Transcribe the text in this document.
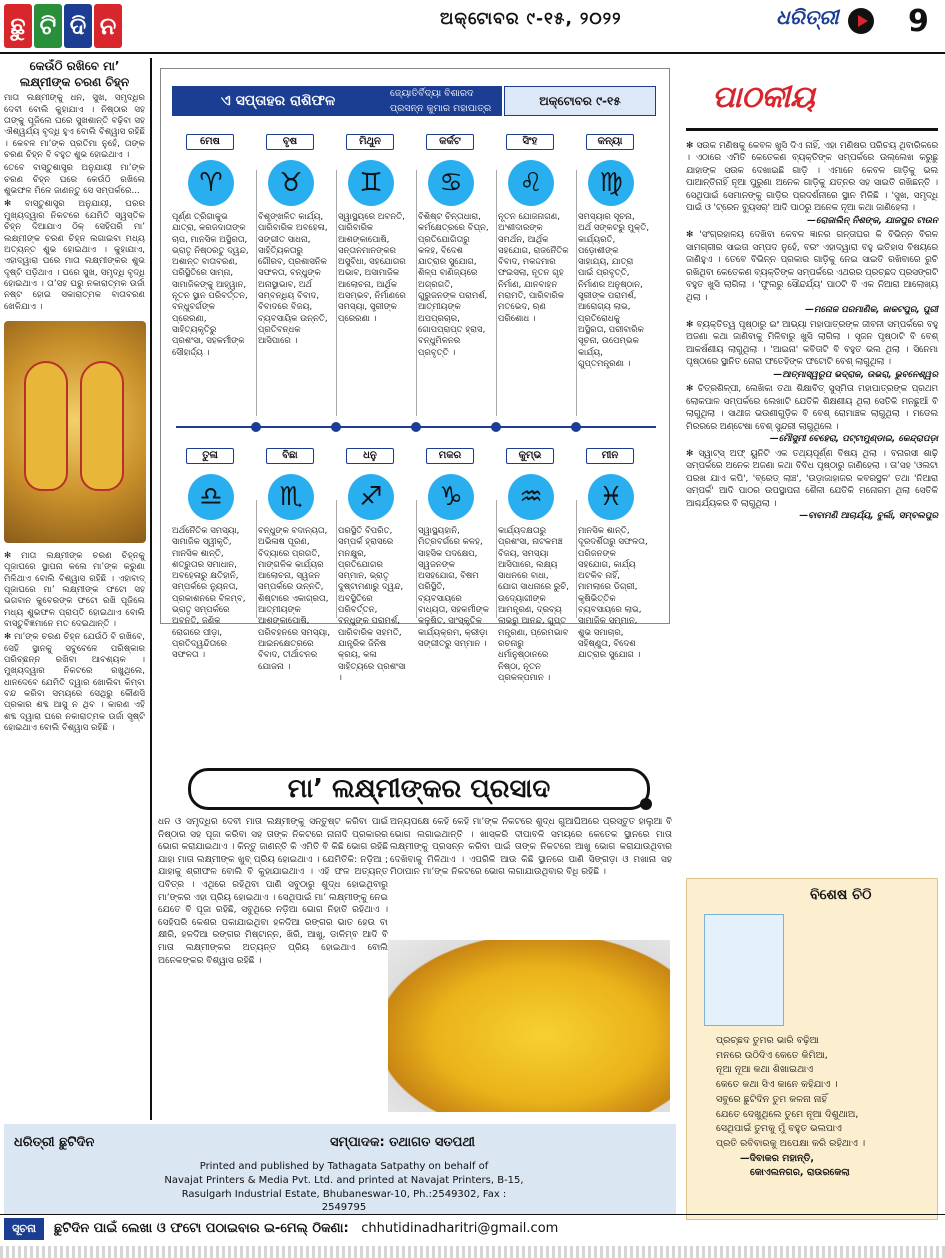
ଛୁ ଟି ଦି ନ	ଅକ୍ଟୋବର ୯-୧୫, ୨୦୨୨	ଧରିତ୍ରୀ 9
କେଉଁଠି ରଖିବେ ମା’ ଲକ୍ଷ୍ମୀଙ୍କ ଚରଣ ଚିହ୍ନ

ମାତା ଲକ୍ଷ୍ମୀଙ୍କୁ ଧନ, ସୁଖ, ସମୃଦ୍ଧିର ଦେବୀ ବୋଲି କୁହାଯାଏ । ନିଷ୍ଠାର ସହ ତାଙ୍କୁ ପୂଜିଲେ ଘରେ ସୁଖଶାନ୍ତି ବଢ଼ିବା ସହ ଐଶ୍ୱର୍ଯ୍ୟ ବୃଦ୍ଧି ହୁଏ ବୋଲି ବିଶ୍ୱାସ ରହିଛି । କେବଳ ମା’ଙ୍କ ପ୍ରତିମା ନୁହେଁ, ତାଙ୍କ ଚରଣ ଚିହ୍ନ ବି ବହୁତ ଶୁଭ ହୋଇଥାଏ ।

ତେବେ ବାସ୍ତୁଶାସ୍ତ୍ର ଅନୁଯାୟୀ ମା’ଙ୍କ ଚରଣ ଚିହ୍ନ ଘରେ କେଉଁଠି ରଖିଲେ ଶୁଭଫଳ ମିଳେ ଜାଣନ୍ତୁ ସେ ସମ୍ପର୍କରେ...

✻ ବାସ୍ତୁଶାସ୍ତ୍ର ଅନୁଯାୟୀ, ଘରର ମୁଖ୍ୟଦ୍ୱାର ନିକଟରେ ଯେମିତି ସ୍ୱସ୍ତିକ ଚିହ୍ନ ଦିଆଯାଏ ଠିକ୍ ସେହିପରି ମା’ ଲକ୍ଷ୍ମୀଙ୍କ ଚରଣ ଚିହ୍ନ ଲଗାଇବା ମଧ୍ୟ ଅତ୍ୟନ୍ତ ଶୁଭ ହୋଇଥାଏ । କୁହାଯାଏ, ଏହାଦ୍ୱାରା ଘରେ ମାତା ଲକ୍ଷ୍ମୀଙ୍କର ଶୁଭ ଦୃଷ୍ଟି ପଡ଼ିଥାଏ । ଘରେ ସୁଖ, ସମୃଦ୍ଧି ବୃଦ୍ଧି ହୋଇଥାଏ । ତା’ସହ ଘରୁ ନକାରାତ୍ମକ ଉର୍ଜା ନଷ୍ଟ ହୋଇ ସକାରାତ୍ମକ ବାତାବରଣ ଖେଳିଯାଏ ।

✻ ମାତା ଲକ୍ଷ୍ମୀଙ୍କ ଚରଣ ଚିହ୍ନକୁ ପୂଜାଘରେ ସ୍ଥାପନା କଲେ ମା’ଙ୍କ କରୁଣା ମିଳିଥାଏ ବୋଲି ବିଶ୍ୱାସ ରହିଛି । ଏହାବାଦ୍ ପୂଜାଘରେ ମା’ ଲକ୍ଷ୍ମୀଙ୍କ ଫଟୋ ସହ ଭଗବାନ କୁବେରଙ୍କ ଫଟୋ ରଖି ପୂଜିଲେ ମଧ୍ୟ ଶୁଭଫଳ ପ୍ରାପ୍ତି ହୋଇଥାଏ ବୋଲି ବାସ୍ତୁବିଜ୍ଞମାନେ ମତ ଦେଇଥାନ୍ତି ।

✻ ମା’ଙ୍କ ଚରଣ ଚିହ୍ନ ଯେଉଁଠି ବି ରଖିବେ, ସେହି ସ୍ଥାନକୁ ସବୁବେଳେ ପରିଷ୍କାର ପରିଚ୍ଛନ୍ନ ରଖିବା ଆବଶ୍ୟକ । ମୁଖ୍ୟଦ୍ୱାର ନିକଟରେ ରଖୁଥିଲେ, ଧାନଦେବେ ଯେମିତି ଦ୍ୱାର ଖୋଲିବା କିମ୍ବା ବନ୍ଦ କରିବା ସମୟରେ ସେଥିରୁ କୌଣସି ପ୍ରକାର ଶବ୍ଦ ଆସୁ ନ ଥିବ । କାରଣ ଏହି ଶବ୍ଦ ଦ୍ୱାରା ଘରେ ନକାରାତ୍ମକ ଉର୍ଜା ସୃଷ୍ଟି ହୋଇଥାଏ ବୋଲି ବିଶ୍ୱାସ ରହିଛି ।

ଏ ସପ୍ତାହର ରାଶିଫଳ	ଜ୍ୟୋତିର୍ବିଦ୍ୟା ବିଶାରଦ
ପ୍ରସନ୍ନ କୁମାର ମହାପାତ୍ର
ଅକ୍ଟୋବର ୯-୧୫
ମେଷ
♈
ପୂର୍ଣ୍ଣ ତ୍ରିଗାକୁଭ ଯାତ୍ରା, କରଜଦାତାଙ୍କ ଚାପ, ମାନସିକ ଅସ୍ଥିରତା, ଭ୍ରାତୃ ନିଷ୍ଠରତୁ ଦ୍ୱନ୍ଦ, ଅଶାନ୍ତ ବାତାବରଣ, ପରିସ୍ଥିତିରେ ସାମ୍ନା, ସାମାଜିକଙ୍କୁ ଆହ୍ୱାନ, ନୂତନ ସ୍ଥାନ ପରିବର୍ତ୍ତନ, ବନ୍ଧୁବର୍ଗଙ୍କ ପ୍ରେରଣା, ସାହିତ୍ୟକୃତିରୁ ପ୍ରଶଂସା, ସହକର୍ମୀଙ୍କ ସୌହାର୍ଦ୍ଦ୍ୟ ।
ବୃଷ
♉
ବିଶୃଙ୍ଖଳିତ କାର୍ଯ୍ୟ, ପାରିବାରିକ ଅବହେଳା, ସଙ୍ଗୀତ ସାଧନା, ସାହିତ୍ୟିକତାରୁ ଗୌରବ, ପ୍ରଶାସନିକ ସଫଳତା, ବନ୍ଧୁଙ୍କ ଅନାସ୍ଥାଭାବ, ଅର୍ଥ ସମ୍ବନ୍ଧିୟ ବିବାଦ, ବିବାଦରେ ବିଜୟ, ବ୍ୟବସାୟିକ ଉନ୍ନତି, ପ୍ରତିବନ୍ଧକ ଆସିପାରେ ।
ମିଥୁନ
♊
ସ୍ୱାସ୍ଥ୍ୟରେ ଅବନତି, ପାରିବାରିକ ଆଶଙ୍କାପୋଷି, ସନ୍ତାନମାନଙ୍କର ଅସୁବିଧା, ସହଯୋଗର ଅଭାବ, ଅସାମାଜିକ ଆଲୋଚନା, ଆର୍ଥିକ ଅସମ୍ଭବ, ନିର୍ମାଣରେ ସମସ୍ୟା, ସ୍ତ୍ରୀଙ୍କ ପ୍ରେରଣା ।
କର୍କଟ
♋
ବିଶିଷ୍ଟ ଚିନ୍ତାଧାରା, କର୍ମକ୍ଷେତ୍ରରେ ବିଘ୍ନ, ପ୍ରତିଯୋଗିତାରୁ କଳହ, ବିଦେଶ ଯାତ୍ରାର ସୁଯୋଗ, ଶିଳ୍ପ ବାଣିଜ୍ୟରେ ଅଗ୍ରଗତି, ଗୁରୁଜନଙ୍କ ପରାମର୍ଶ, ଆତ୍ମୀୟଙ୍କ ଅପପ୍ରଚାର, ଗୋପପ୍ରାପ୍ତ ହ୍ରାସ, ବନ୍ଧୁମିଳନର ପ୍ରବୃତ୍ତି ।
ସିଂହ
♌
ନୂତନ ଯୋଜନାଗଣ, ଅଂଶୀଦାରଙ୍କ ସମର୍ଥନ, ଆର୍ଥିକ ସହଯୋଗ, ରାଜନୈତିକ ବିବାଦ, ମକଦ୍ଦମାର ଫଇସଲା, ନୂତନ ଗୃହ ନିର୍ମାଣ, ଯାନବାହନ ମରାମତି, ପାରିବାରିକ ମତଭେଦ, ଋଣ ପରିଶୋଧ ।
କନ୍ୟା
♍
ସମସ୍ୟାର ସୂଚନା, ଅର୍ଥ ସଙ୍କଟରୁ ମୁକ୍ତି, କାର୍ଯ୍ୟରତି, ପଡ଼ୋଶୀଙ୍କ ସାହାଯ୍ୟ, ଯାତ୍ରା ପାଇଁ ପ୍ରବୃତ୍ତି, ନିର୍ମାଣର ଅନୁଷ୍ଠାନ, ସ୍ତ୍ରୀଙ୍କ ପରାମର୍ଶ, ଆରୋଗ୍ୟ ଲାଭ, ପ୍ରତିରୋଧକୁ ଅସ୍ଥିରତା, ପରୀବାରିକ ସୂଚନା, ଉପେମ୍ଭକ କାର୍ଯ୍ୟ, ଗୁପ୍ତମନ୍ତ୍ରଣା ।
ତୁଳା
♎
ଅର୍ଥନୈତିକ ସମସ୍ୟା, ସାମାଜିକ ସ୍ୱୀକୃତି, ମାନସିକ ଶାନ୍ତି, ଶତ୍ରୁତାର ସମାଧାନ, ଅବହେଳାରୁ କ୍ଷତିହାନି, ସମ୍ପର୍କରେ ନ୍ୟୁନତା, ପ୍ରକାଶନରେ ବିଳମ୍ବ, ଭ୍ରାତୃ ସମ୍ପର୍କରେ ଅବନତି, ଜଣିକ ରୋଗରେ ପୀଡ଼ା, ପ୍ରତିଦ୍ୱନ୍ଦିତାରେ ସଫଳତା ।
ବିଛା
♏
ବନ୍ଧୁଙ୍କ ବଦାନ୍ୟତା, ଅଭିଳାଷ ପୂରଣ, ବିଦ୍ୟାରେ ପ୍ରଗତି, ମାଙ୍ଗଳିକ କାର୍ଯ୍ୟର ଆଲୋଚନା, ସ୍ୱଜନ ସମ୍ପର୍କରେ ଉନ୍ନତି, ଶିଷ୍ଟାରେ ଏକାଗ୍ରତା, ଆତ୍ମୀୟଙ୍କ ଆଶଙ୍କାପୋଷି, ପରିବହନରେ ସମସ୍ୟା, ଆଇନକ୍ଷେତ୍ରରେ ବିବାଦ, ତୀର୍ଥାଟନର ଯୋଜନା ।
ଧନୁ
♐
ପରସ୍ଥିତି ବିପରିତ, ସମ୍ପର୍କ ହ୍ରାସରେ ମନକ୍ଷୁର, ପ୍ରତିଯୋଗର ସମ୍ମାନ, ଭ୍ରାତୃ ଦୁଷ୍ଟାମଣାରୁ ଦ୍ୱନ୍ଦ, ଅବସ୍ଥିତିରେ ପରିବର୍ତ୍ତନ, ବନ୍ଧୁଙ୍କ ପରାମର୍ଶ, ପାରିବାରିକ ସହମତି, ଯାନ୍ତ୍ରିକ ଜିନିଷ କ୍ରୟ, କଳା ସାହିତ୍ୟରେ ପ୍ରଶଂସା ।
ମକର
♑
ସ୍ୱାସ୍ଥ୍ୟହାନି, ମିତ୍ରବର୍ଗରେ କଳହ, ସାହସିକ ପଦକ୍ଷେପ, ସ୍ୱଜନଙ୍କ ଅସହଯୋଗ, ବିଷମ ପରିସ୍ଥିତି, ବ୍ୟବସାୟରେ ବାଧ୍ୟତା, ସହକର୍ମୀଙ୍କ କଳୁଷିତ, ସାଂସ୍କୃତିକ କାର୍ଯ୍ୟକ୍ରମ, କ୍ରୀଡ଼ା ସଙ୍ଗୀତରୁ ସମ୍ମାନ ।
କୁମ୍ଭ
♒
କାର୍ଯ୍ୟଦକ୍ଷତାରୁ ପ୍ରଶଂସା, ନାଟକମଞ୍ଚ ବିଜୟ, ସମସ୍ୟା ଆସିପାରେ, ଲକ୍ଷ୍ୟ ସାଧନରେ ବାଧା, ଯୋଗ ସାଧନାରେ ରୁଚି, ଉଦ୍ୟୋଗୀଙ୍କ ଆମନ୍ତ୍ରଣ, ଦ୍ରବ୍ୟ ଲାଭରୁ ଆନନ୍ଦ, ଗୁପ୍ତ ମନ୍ତ୍ରଣା, ପ୍ରେମଭାବ ରଚନାରୁ ଧର୍ମାନୁଷ୍ଠାନରେ ନିଷ୍ଠା, ନୂତନ ପ୍ରକଳ୍ପମାନ ।
ମୀନ
♓
ମାନସିକ ଶାନ୍ତି, ଦୂରଦର୍ଶିତାରୁ ସଫଳତା, ପରିଜନଙ୍କ ସହଯୋଗ, କାର୍ଯ୍ୟ ଅଟକିବ ନାହିଁ, ମାମଲାରେ ଡିଗ୍ରୀ, କୃଷିଭିତ୍ତିକ ବ୍ୟବସାୟରେ ଲାଭ, ସାମାଜିକ ସମ୍ମାନ, ଶୁଭ ସମାଚାର, ସହିଷ୍ଣୁତା, ବିଦେଶ ଯାତ୍ରାର ସୁଯୋଗ ।
ମା’ ଲକ୍ଷ୍ମୀଙ୍କର ପ୍ରସାଦ
ଧନ ଓ ସମୃଦ୍ଧିର ଦେବୀ ମାତା ଲକ୍ଷ୍ମୀଙ୍କୁ ସନ୍ତୁଷ୍ଟ କରିବା ପାଇଁ ନିଷ୍ଠାର ସହ ପୂଜା କରିବା ସହ ତାଙ୍କ ନିକଟରେ ନାନାଦି ପ୍ରକାରର ଭୋଗ କରାଯାଇଥାଏ । କିନ୍ତୁ ଜାଣନ୍ତି କି ଏମିତି ବି କିଛି ଭୋଗ ରହିଛି ଯାହା ମାତା ଲକ୍ଷ୍ମୀଙ୍କ ଖୁବ୍ ପ୍ରିୟ ହୋଇଥାଏ । ଯେମିତିକି: ନଡ଼ିଆ ; ଯାହାକୁ ଶ୍ରୀଫଳ ବୋଲି ବି କୁହାଯାଇଥାଏ । ଏହି ଫଳ ଅତ୍ୟନ୍ତ ପବିତ୍ର । ଏଥିରେ ରହିଥିବା ପାଣି ସବୁଠାରୁ ଶୁଦ୍ଧ ହୋଇଥିବାରୁ ମା’ଙ୍କର ଏହା ପ୍ରିୟ ହୋଇଥାଏ । ସେଥିପାଇଁ ମା’ ଲକ୍ଷ୍ମୀଙ୍କୁ ନେଇ ଯେତେ ବି ପୂଜା ରହିଛି, ସବୁଥିରେ ନଡ଼ିଆ ଭୋଗ ନିହାତି ରହିଥାଏ । ସେହିପରି କେଶର ପକାଯାଇଥିବା ହଳଦିଆ ରଙ୍ଗର ଭାତ ହେଉ ବା କ୍ଷୀରି, ହଳଦିଆ ରଙ୍ଗର ମିଷ୍ଟାନ୍ନ, ଖିରି, ଆଖୁ, ଡାଳିମ୍ବ ଆଦି ବି ମାତା ଲକ୍ଷ୍ମୀଙ୍କର ଅତ୍ୟନ୍ତ ପ୍ରିୟ ହୋଇଥାଏ ବୋଲି ଅନେକଙ୍କର ବିଶ୍ୱାସ ରହିଛି ।
ଅନ୍ୟପକ୍ଷେ କେହି କେହି ମା’ଙ୍କ ନିକଟରେ ଶୁଦ୍ଧ ଗୁଆଘିଅରେ ପ୍ରସ୍ତୁତ ହାଲୁଆ ବି ଭୋଗ ଲଗାଇଥାନ୍ତି । ଖାସ୍‌କରି ଦୀପାବଳି ସମୟରେ କେତେକ ସ୍ଥାନରେ ମାତା ଲକ୍ଷ୍ମୀଙ୍କୁ ପ୍ରସନ୍ନ କରିବା ପାଇଁ ତାଙ୍କ ନିକଟରେ ଆଖୁ ଭୋଗ କରାଯାଉଥିବାର ଦେଖିବାକୁ ମିଳିଥାଏ । ଏପରିକି ଆଉ କିଛି ସ୍ଥାନରେ ପାଣି ସିଙ୍ଗଡ଼ା ଓ ମଖାନା ସହ ମିଠାପାନ ମା’ଙ୍କ ନିକଟରେ ଭୋଗ ଲଗାଯାଉଥିବାର ବିଧି ରହିଛି ।
ପାଠକୀୟ
✻ ସଉକ ମଣିଷକୁ କେବଳ ଖୁସି ଦିଏ ନାହିଁ, ଏହା ମଣିଷର ପରିଚୟ ଥିବାରିକରେ । ଏଠାରେ ଏମିତି କେତେକଣ ବ୍ୟକ୍ତିଙ୍କ ସମ୍ପର୍କରେ ଉଲ୍ଲେଖ କରୁଛୁ ଯାହାଙ୍କ ସଉକ ଦେଖାଇଛି ଗାଡ଼ି । ଏମାନେ କେବଳ ଗାଡ଼ିକୁ ଭଲ ପାଆନ୍ତିନାହିଁ ନୂଆ ପୁରୁଣା ଅନେକ ଗାଡ଼ିକୁ ଯତ୍ନର ସହ ସାଇତି ରଖିଛନ୍ତି । ସେଥିପାଇଁ ସେମାନଙ୍କୁ ଗାଡ଼ିର ପ୍ରଦର୍ଶନୀରେ ସ୍ଥାନ ମିଳିଛି । 'ସୁଖ, ସମୃଦ୍ଧି ପାଇଁ ଓ 'ଟ୍ରେନ ବ୍ୟୁସର୍' ଆଦି ପାଠରୁ ଅନେକ ନୂଆ କଥା ଜାଣିହେଲା ।
—ରୋଜାଲିନ୍ ନିଶଙ୍କ, ଯାଜପୁର ଟାଉନ
✻ 'ସଂଗ୍ରହାଳୟ ଦେଖିବା କେବଳ ଜ୍ଞାନର ଗନ୍ତାଘର କି ବିଭିନ୍ନ ବିରଳ ସାମଗ୍ରୀର ସାଇତା ସମ୍ପଦ ନୁହେଁ, ବରଂ ଏହାଦ୍ୱାରା ବହୁ ଇତିହାସ ବିଷୟରେ ଜାଣିହୁଏ । ତେବେ ବିଭିନ୍ନ ପ୍ରକାର ଗାଡ଼ିକୁ ନେଇ ସାଇତି ରଖିବାରେ ରୁଚି ରଖିଥିବା କେତେକଣ ବ୍ୟକ୍ତିଙ୍କ ସମ୍ପର୍କରେ ଏଥରର ପ୍ରଚ୍ଛଦ ପ୍ରସଙ୍ଗଟି ବହୁତ ଖୁସି ଲାଗିଲା । 'ଫୁଲରୁ ସୌନ୍ଦର୍ଯ୍ୟ' ପାଠଟି ବି ଏକ ନିଆରା ଆଲୋଖ୍ୟ ଥିଲା ।
—ମନୋଜ ପରମାଣିକ, ଜାକଟପୁର, ପୁରୀ
✻ ବ୍ୟକ୍ତିତ୍ୱ ପୃଷ୍ଠାରୁ ଇଂ ଆଭ୍ୟା ମହାପାତ୍ରଙ୍କ ଜୀବନୀ ସମ୍ପର୍କରେ ବହୁ ଅଜଣା କଥା ଜାଣିବାକୁ ମିଳିବାରୁ ଖୁସି ଲାଗିଲା । ସୃଜନ ପୃଷ୍ଠାଟି ବି ବେଶ୍ ଆକର୍ଷଣୀୟ ଲାଗୁଥିଲା । 'ଆଇନା' କବିତାଟି ବି ବହୁତ ଭଲ ଥିଲା । ସିନେମା ପୃଷ୍ଠାରେ ସ୍ଥାନିତ ନୋରା ଫତେହିଙ୍କ ଫଟୋଟି ବେଶ୍ ଲାଗୁଥିଲା ।
—ଆତ୍ମାସ୍ୱରୂପ ଭଦ୍ରାକ, ଉଭରା, ଭୁବନେଶ୍ୱର
✻ ଚିତ୍ରଶିଳ୍ପୀ, ଲେଖିକା ତଥା ଶିକ୍ଷାବିତ୍ ସୁସ୍ମିତା ମହାପାତ୍ରଙ୍କ ପ୍ରଥମ ଲୋକପାଳ ସମ୍ପର୍କରେ ଲେଖାଟି ଯେତିକି ଶିକ୍ଷଣୀୟ ଥିଲା ସେତିକି ମନଛୁଆଁ ବି ଲାଗୁଥିଲା । ସାଥୀଜ ଭଉଣୀଗୁଡ଼ିକ ବି ବେଶ୍ ରୋମାଞ୍ଚକ ଲାଗୁଥିଲା । ମଡେଲ ମିରରରେ ଅଣ୍ଟେଷା ବେଶ୍ ସୁନ୍ଦରୀ ଲାଗୁଥିଲେ ।
—ମୌସୁମୀ ବେହେରା, ପଟ୍ଟାମୁଣ୍ଡାଇ, କେନ୍ଦ୍ରାପଡ଼ା
✻ ସ୍ୱାଟ୍ସ୍ ଅଫ୍ ୟୁନିଟି ଏକ ତଥ୍ୟପୂର୍ଣ୍ଣ ବିଷୟ ଥିଲା । ବନାରସୀ ଶାଢ଼ି ସମ୍ପର୍କରେ ଅନେକ ଅଜଣା କଥା ବିବିଧ ପୃଷ୍ଠାରୁ ଜାଣିହେଲା । ତା’ସହ 'ଓଲଟା ପରଖ ଯାଏ କପି', 'ବ୍ରେଡ୍ ଲାଞ୍ଚ', 'ଉଡ଼ାଜାହାଜର କବରସ୍ଥଳ' ତଥା 'ନିଆରା ସମ୍ପର୍କ' ଆଦି ପାଠର ଉପସ୍ଥାପନା ଶୈଳୀ ଯେତିକି ମନୋରମ ଥିଲା ସେତିକି ଆଶ୍ଚର୍ଯ୍ୟକର ବି ଲାଗୁଥିଲା ।
—ବାବାମଣି ଆଚାର୍ଯ୍ୟ, ବୁର୍ଲା, ସମ୍ବଲପୁର
ବିଶେଷ ଚିଠି
ପ୍ରଚ୍ଛଦ ତୁମର ଭାରି ବଢ଼ିଆ
ମନରେ ଉଠିଦିଏ କେତେ କିମିଆ,
ନୂଆ ନୂଆ କଥା ଶିଖାଇଥାଏ
କେତେ କଥା ସିଏ କାନେ କହିଯାଏ ।
ସବୁରେ ଛୁଟିଦିନ ତୁମ କଳନା ନାହିଁ
ଯେତେ ଦେଖୁଥିଲେ ତୁମେ ନୂଆ ଦିଶୁଥାଅ,
ସେଥିପାଇଁ ତୁମକୁ ମୁଁ ବହୁତ ଭଲପାଏ
ପ୍ରତି ରବିବାରକୁ ଅପେକ୍ଷା କରି ରହିଥାଏ ।
—ଦିବାକର ମହାନ୍ତି,
କୋଏଲନଗର, ରାଉରକେଲା
ଧରିତ୍ରୀ ଛୁଟିଦିନ	ସମ୍ପାଦକ: ତଥାଗତ ସତପଥୀ
Printed and published by Tathagata Satpathy on behalf of
Navajat Printers & Media Pvt. Ltd. and printed at Navajat Printers, B-15,
Rasulgarh Industrial Estate, Bhubaneswar-10, Ph.:2549302, Fax : 2549795
ସୂଚନା	ଛୁଟିଦିନ ପାଇଁ ଲେଖା ଓ ଫଟୋ ପଠାଇବାର ଇ-ମେଲ୍ ଠିକଣା: chhutidinadharitri@gmail.com
